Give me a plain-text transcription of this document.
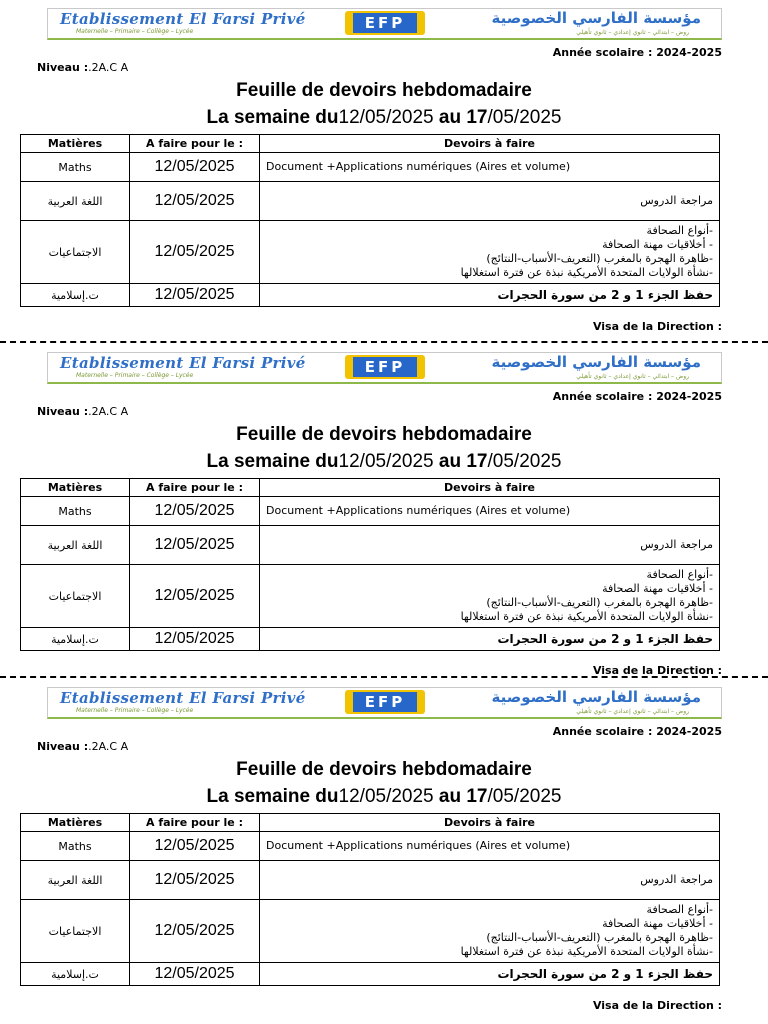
Etablissement El Farsi Privé
Maternelle – Primaire – Collège – Lycée	EFP	مؤسسة الفارسي الخصوصية
روض – ابتدائي – ثانوي إعدادي – ثانوي تأهيلي
Année scolaire : 2024-2025
Niveau :.2A.C A
Feuille de devoirs hebdomadaire
La semaine du12/05/2025 au 17/05/2025
Matières	A faire pour le :	Devoirs à faire
Maths	12/05/2025	Document +Applications numériques (Aires et volume)

اللغة العربية	12/05/2025	مراجعة الدروس

الاجتماعيات	12/05/2025	-أنواع الصحافة
- أخلاقيات مهنة الصحافة
-ظاهرة الهجرة بالمغرب (التعريف-الأسباب-النتائج)
-نشأة الولايات المتحدة الأمريكية نبذة عن فترة استغلالها

ت.إسلامية	12/05/2025	حفظ الجزء 1 و 2 من سورة الحجرات
Visa de la Direction :
Etablissement El Farsi Privé
Maternelle – Primaire – Collège – Lycée	EFP	مؤسسة الفارسي الخصوصية
روض – ابتدائي – ثانوي إعدادي – ثانوي تأهيلي
Année scolaire : 2024-2025
Niveau :.2A.C A
Feuille de devoirs hebdomadaire
La semaine du12/05/2025 au 17/05/2025
Matières	A faire pour le :	Devoirs à faire
Maths	12/05/2025	Document +Applications numériques (Aires et volume)

اللغة العربية	12/05/2025	مراجعة الدروس

الاجتماعيات	12/05/2025	-أنواع الصحافة
- أخلاقيات مهنة الصحافة
-ظاهرة الهجرة بالمغرب (التعريف-الأسباب-النتائج)
-نشأة الولايات المتحدة الأمريكية نبذة عن فترة استغلالها

ت.إسلامية	12/05/2025	حفظ الجزء 1 و 2 من سورة الحجرات
Visa de la Direction :
Etablissement El Farsi Privé
Maternelle – Primaire – Collège – Lycée	EFP	مؤسسة الفارسي الخصوصية
روض – ابتدائي – ثانوي إعدادي – ثانوي تأهيلي
Année scolaire : 2024-2025
Niveau :.2A.C A
Feuille de devoirs hebdomadaire
La semaine du12/05/2025 au 17/05/2025
Matières	A faire pour le :	Devoirs à faire
Maths	12/05/2025	Document +Applications numériques (Aires et volume)

اللغة العربية	12/05/2025	مراجعة الدروس

الاجتماعيات	12/05/2025	-أنواع الصحافة
- أخلاقيات مهنة الصحافة
-ظاهرة الهجرة بالمغرب (التعريف-الأسباب-النتائج)
-نشأة الولايات المتحدة الأمريكية نبذة عن فترة استغلالها

ت.إسلامية	12/05/2025	حفظ الجزء 1 و 2 من سورة الحجرات
Visa de la Direction :
